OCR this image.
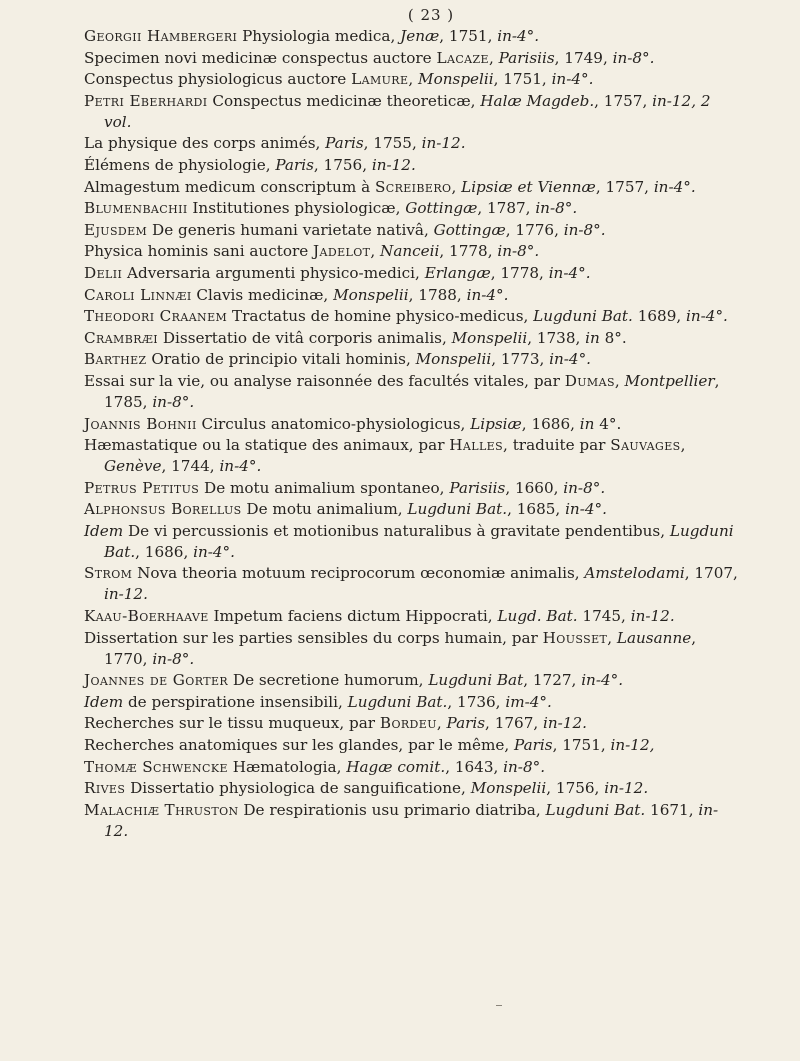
( 23 )
Georgii Hambergeri Physiologia medica, Jenæ, 1751, in-4°.
Specimen novi medicinæ conspectus auctore Lacaze, Parisiis, 1749, in-8°.
Conspectus physiologicus auctore Lamure, Monspelii, 1751, in-4°.
Petri Eberhardi Conspectus medicinæ theoreticæ, Halæ Magdeb., 1757, in-12, 2 vol.
La physique des corps animés, Paris, 1755, in-12.
Élémens de physiologie, Paris, 1756, in-12.
Almagestum medicum conscriptum à Screibero, Lipsiæ et Viennæ, 1757, in-4°.
Blumenbachii Institutiones physiologicæ, Gottingæ, 1787, in-8°.
Ejusdem De generis humani varietate nativâ, Gottingæ, 1776, in-8°.
Physica hominis sani auctore Jadelot, Nanceii, 1778, in-8°.
Delii Adversaria argumenti physico-medici, Erlangæ, 1778, in-4°.
Caroli Linnæi Clavis medicinæ, Monspelii, 1788, in-4°.
Theodori Craanem Tractatus de homine physico-medicus, Lugduni Bat. 1689, in-4°.
Crambræi Dissertatio de vitâ corporis animalis, Monspelii, 1738, in 8°.
Barthez Oratio de principio vitali hominis, Monspelii, 1773, in-4°.
Essai sur la vie, ou analyse raisonnée des facultés vitales, par Dumas, Montpellier, 1785, in-8°.
Joannis Bohnii Circulus anatomico-physiologicus, Lipsiæ, 1686, in 4°.
Hæmastatique ou la statique des animaux, par Halles, traduite par Sauvages, Genève, 1744, in-4°.
Petrus Petitus De motu animalium spontaneo, Parisiis, 1660, in-8°.
Alphonsus Borellus De motu animalium, Lugduni Bat., 1685, in-4°.
Idem De vi percussionis et motionibus naturalibus à gravitate pendentibus, Lugduni Bat., 1686, in-4°.
Strom Nova theoria motuum reciprocorum œconomiæ animalis, Amstelodami, 1707, in-12.
Kaau-Boerhaave Impetum faciens dictum Hippocrati, Lugd. Bat. 1745, in-12.
Dissertation sur les parties sensibles du corps humain, par Housset, Lausanne, 1770, in-8°.
Joannes de Gorter De secretione humorum, Lugduni Bat, 1727, in-4°.
Idem de perspiratione insensibili, Lugduni Bat., 1736, im-4°.
Recherches sur le tissu muqueux, par Bordeu, Paris, 1767, in-12.
Recherches anatomiques sur les glandes, par le même, Paris, 1751, in-12,
Thomæ Schwencke Hæmatologia, Hagæ comit., 1643, in-8°.
Rives Dissertatio physiologica de sanguificatione, Monspelii, 1756, in-12.
Malachiæ Thruston De respirationis usu primario diatriba, Lugduni Bat. 1671, in-12.
